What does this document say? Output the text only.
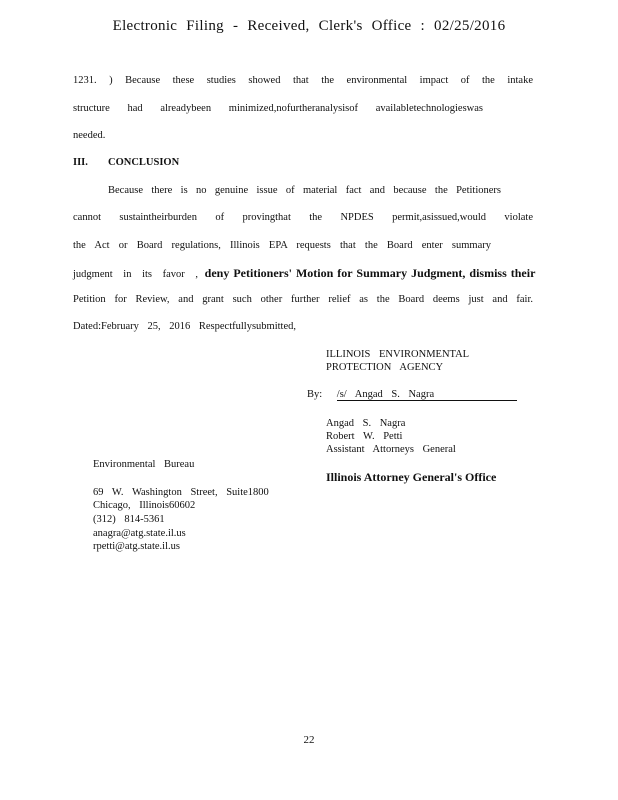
Electronic Filing - Received, Clerk's Office : 02/25/2016
1231. ) Because these studies showed that the environmental impact of the intake
structure had alreadybeen minimized,nofurtheranalysisof availabletechnologieswas
needed.
III. CONCLUSION
Because there is no genuine issue of material fact and because the Petitioners
cannot sustaintheirburden of provingthat the NPDES permit,asissued,would violate
the Act or Board regulations, Illinois EPA requests that the Board enter summary
judgment in its favor , deny Petitioners' Motion for Summary Judgment, dismiss their
Petition for Review, and grant such other further relief as the Board deems just and fair.
Dated:February 25, 2016 Respectfullysubmitted,
ILLINOIS ENVIRONMENTAL
PROTECTION AGENCY
By: /s/ Angad S. Nagra
Angad S. Nagra
Robert W. Petti
Assistant Attorneys General
Illinois Attorney General's Office
Environmental Bureau
69 W. Washington Street, Suite1800
Chicago, Illinois60602
(312) 814-5361
anagra@atg.state.il.us
rpetti@atg.state.il.us
22
